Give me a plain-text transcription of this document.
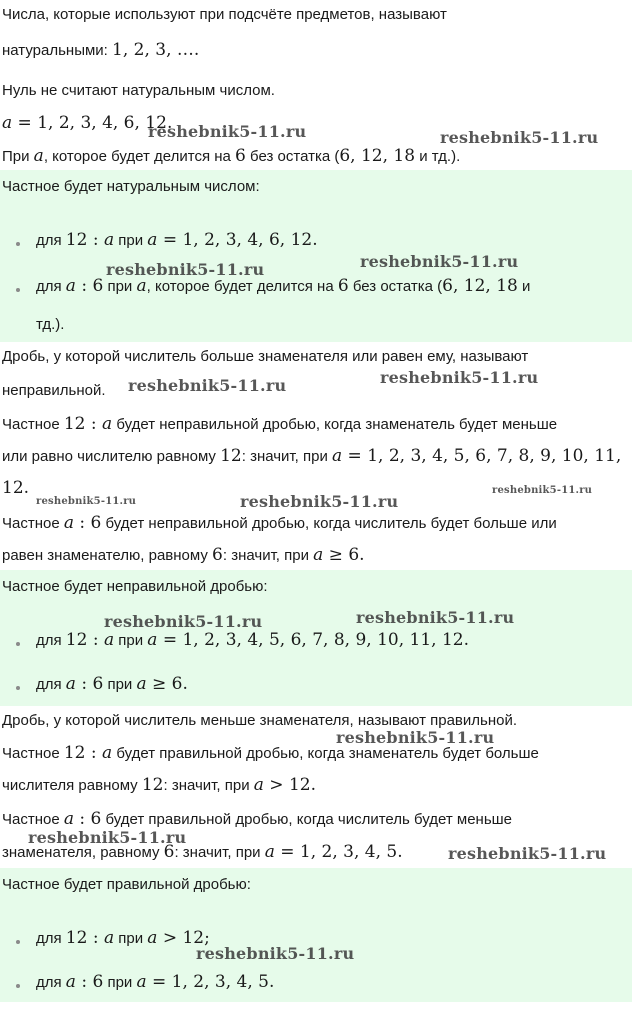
Числа, которые используют при подсчёте предметов, называют
натуральными: 1, 2, 3, ….
Нуль не считают натуральным числом.
a = 1, 2, 3, 4, 6, 12.
При a, которое будет делится на 6 без остатка (6, 12, 18 и тд.).
Частное будет натуральным числом:
для 12 : a при a = 1, 2, 3, 4, 6, 12.
для a : 6 при a, которое будет делится на 6 без остатка (6, 12, 18 и
тд.).
Дробь, у которой числитель больше знаменателя или равен ему, называют
неправильной.
Частное 12 : a будет неправильной дробью, когда знаменатель будет меньше
или равно числителю равному 12: значит, при a = 1, 2, 3, 4, 5, 6, 7, 8, 9, 10, 11,
12.
Частное a : 6 будет неправильной дробью, когда числитель будет больше или
равен знаменателю, равному 6: значит, при a ≥ 6.
Частное будет неправильной дробью:
для 12 : a при a = 1, 2, 3, 4, 5, 6, 7, 8, 9, 10, 11, 12.
для a : 6 при a ≥ 6.
Дробь, у которой числитель меньше знаменателя, называют правильной.
Частное 12 : a будет правильной дробью, когда знаменатель будет больше
числителя равному 12: значит, при a > 12.
Частное a : 6 будет правильной дробью, когда числитель будет меньше
знаменателя, равному 6: значит, при a = 1, 2, 3, 4, 5.
Частное будет правильной дробью:
для 12 : a при a > 12;
для a : 6 при a = 1, 2, 3, 4, 5.
reshebnik5-11.ru	reshebnik5-11.ru
reshebnik5-11.ru	reshebnik5-11.ru
reshebnik5-11.ru	reshebnik5-11.ru
reshebnik5-11.ru	reshebnik5-11.ru
reshebnik5-11.ru
reshebnik5-11.ru	reshebnik5-11.ru
reshebnik5-11.ru
reshebnik5-11.ru
reshebnik5-11.ru
reshebnik5-11.ru
